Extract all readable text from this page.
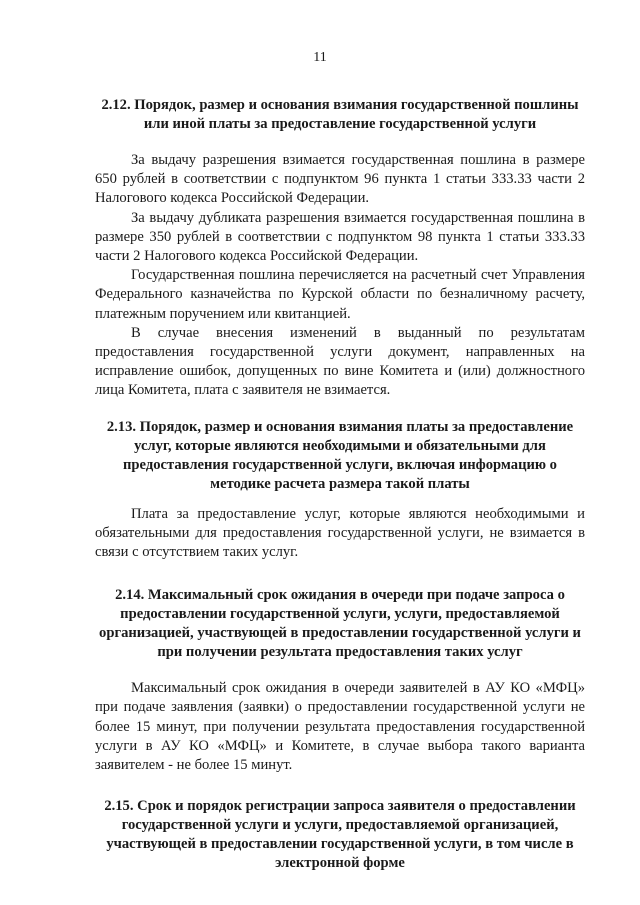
11
2.12. Порядок, размер и основания взимания государственной пошлины или иной платы за предоставление государственной услуги

За выдачу разрешения взимается государственная пошлина в размере 650 рублей в соответствии с подпунктом 96 пункта 1 статьи 333.33 части 2 Налогового кодекса Российской Федерации.

За выдачу дубликата разрешения взимается государственная пошлина в размере 350 рублей в соответствии с подпунктом 98 пункта 1 статьи 333.33 части 2 Налогового кодекса Российской Федерации.

Государственная пошлина перечисляется на расчетный счет Управления Федерального казначейства по Курской области по безналичному расчету, платежным поручением или квитанцией.

В случае внесения изменений в выданный по результатам предоставления государственной услуги документ, направленных на исправление ошибок, допущенных по вине Комитета и (или) должностного лица Комитета, плата с заявителя не взимается.

2.13. Порядок, размер и основания взимания платы за предоставление услуг, которые являются необходимыми и обязательными для предоставления государственной услуги, включая информацию о методике расчета размера такой платы

Плата за предоставление услуг, которые являются необходимыми и обязательными для предоставления государственной услуги, не взимается в связи с отсутствием таких услуг.

2.14. Максимальный срок ожидания в очереди при подаче запроса о предоставлении государственной услуги, услуги, предоставляемой организацией, участвующей в предоставлении государственной услуги и при получении результата предоставления таких услуг

Максимальный срок ожидания в очереди заявителей в АУ КО «МФЦ» при подаче заявления (заявки) о предоставлении государственной услуги не более 15 минут, при получении результата предоставления государственной услуги в АУ КО «МФЦ» и Комитете, в случае выбора такого варианта заявителем - не более 15 минут.

2.15. Срок и порядок регистрации запроса заявителя о предоставлении государственной услуги и услуги, предоставляемой организацией, участвующей в предоставлении государственной услуги, в том числе в электронной форме
